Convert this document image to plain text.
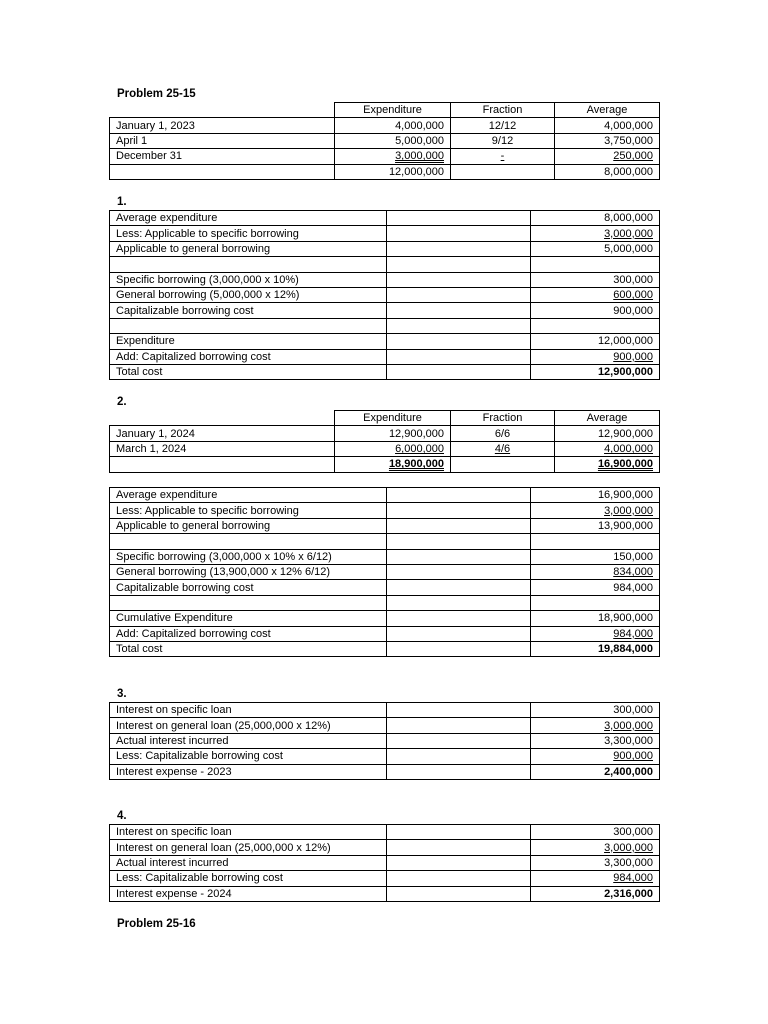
Problem 25-15
	Expenditure	Fraction	Average
January 1, 2023	4,000,000	12/12	4,000,000
April 1	5,000,000	9/12	3,750,000
December 31	3,000,000	-	250,000
	12,000,000		8,000,000
1.
Average expenditure		8,000,000
Less: Applicable to specific borrowing		3,000,000
Applicable to general borrowing		5,000,000

Specific borrowing (3,000,000 x 10%)		300,000
General borrowing (5,000,000 x 12%)		600,000
Capitalizable borrowing cost		900,000

Expenditure		12,000,000
Add: Capitalized borrowing cost		900,000
Total cost		12,900,000
2.
	Expenditure	Fraction	Average
January 1, 2024	12,900,000	6/6	12,900,000
March 1, 2024	6,000,000	4/6	4,000,000
	18,900,000		16,900,000
Average expenditure		16,900,000
Less: Applicable to specific borrowing		3,000,000
Applicable to general borrowing		13,900,000

Specific borrowing (3,000,000 x 10% x 6/12)		150,000
General borrowing (13,900,000 x 12% 6/12)		834,000
Capitalizable borrowing cost		984,000

Cumulative Expenditure		18,900,000
Add: Capitalized borrowing cost		984,000
Total cost		19,884,000
3.
Interest on specific loan		300,000
Interest on general loan (25,000,000 x 12%)		3,000,000
Actual interest incurred		3,300,000
Less: Capitalizable borrowing cost		900,000
Interest expense - 2023		2,400,000
4.
Interest on specific loan		300,000
Interest on general loan (25,000,000 x 12%)		3,000,000
Actual interest incurred		3,300,000
Less: Capitalizable borrowing cost		984,000
Interest expense - 2024		2,316,000
Problem 25-16
